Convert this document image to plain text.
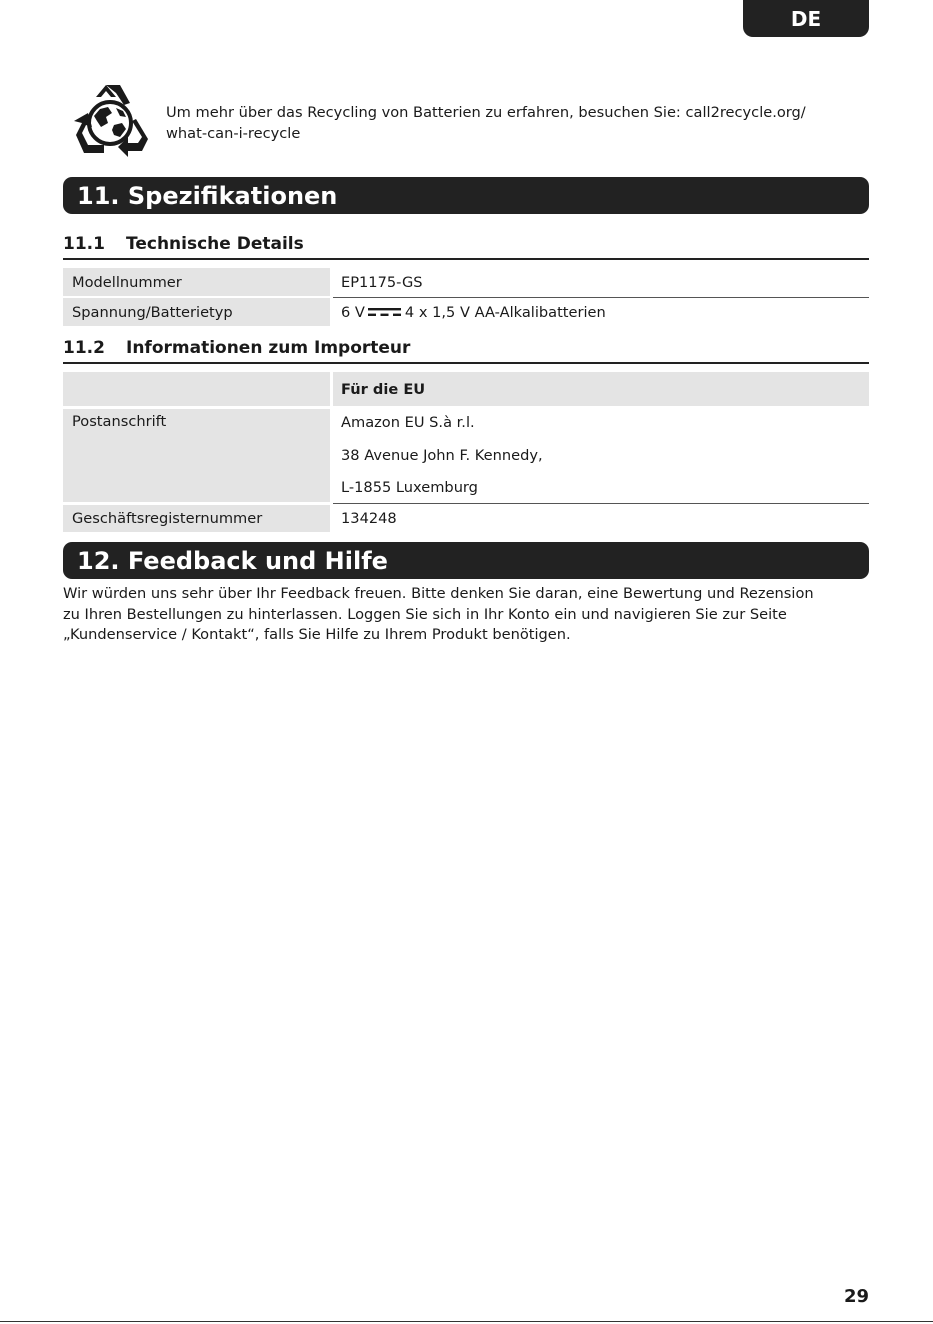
DE
Um mehr über das Recycling von Batterien zu erfahren, besuchen Sie: call2recycle.org/
what-can-i-recycle
11. Spezifikationen
11.1 Technische Details
Modellnummer	EP1175-GS
Spannung/Batterietyp	6 V	4 x 1,5 V AA-Alkalibatterien
11.2 Informationen zum Importeur
Für die EU
Postanschrift	Amazon EU S.à r.l.
38 Avenue John F. Kennedy,
L-1855 Luxemburg
Geschäftsregisternummer	134248
12. Feedback und Hilfe
Wir würden uns sehr über Ihr Feedback freuen. Bitte denken Sie daran, eine Bewertung und Rezension
zu Ihren Bestellungen zu hinterlassen. Loggen Sie sich in Ihr Konto ein und navigieren Sie zur Seite
„Kundenservice / Kontakt“, falls Sie Hilfe zu Ihrem Produkt benötigen.
29
